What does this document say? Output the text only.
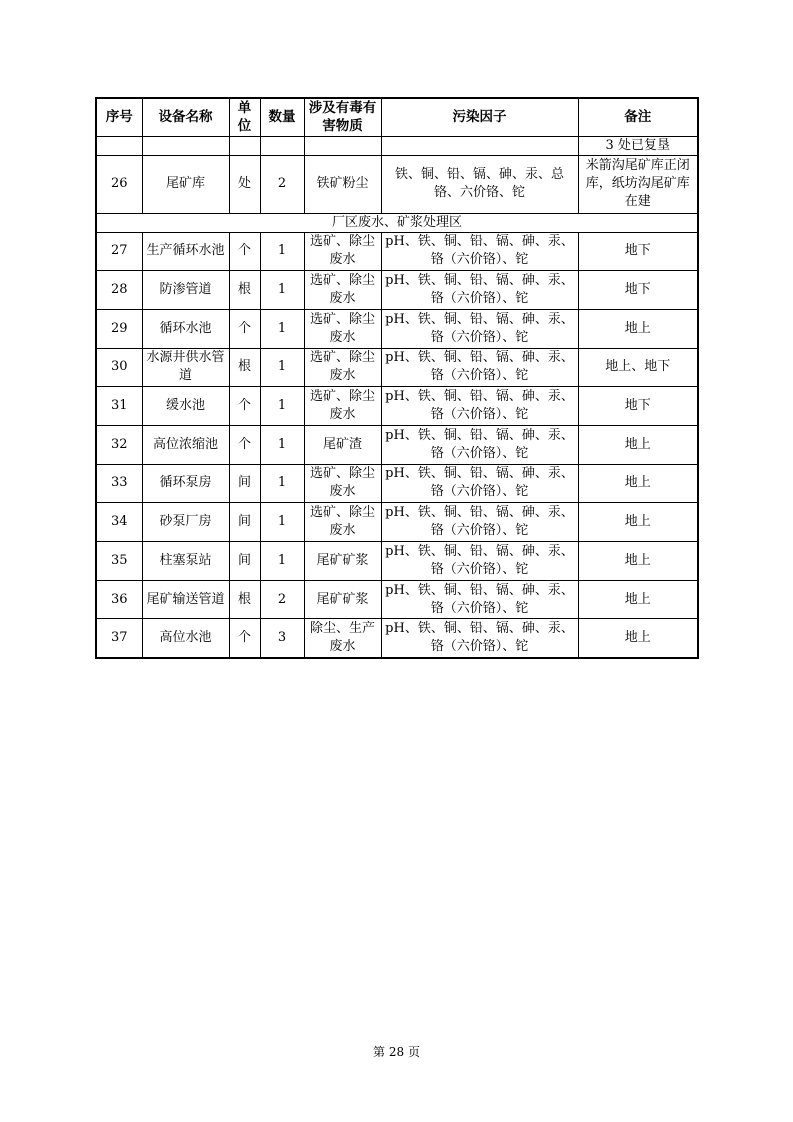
序号	设备名称	单位	数量	涉及有毒有害物质	污染因子	备注
						3 处已复垦
26	尾矿库	处	2	铁矿粉尘	铁、铜、铅、镉、砷、汞、总铬、六价铬、铊	米箭沟尾矿库正闭库，纸坊沟尾矿库在建
厂区废水、矿浆处理区						
27	生产循环水池	个	1	选矿、除尘废水	pH、铁、铜、铅、镉、砷、汞、铬（六价铬）、铊	地下
28	防渗管道	根	1	选矿、除尘废水	pH、铁、铜、铅、镉、砷、汞、铬（六价铬）、铊	地下
29	循环水池	个	1	选矿、除尘废水	pH、铁、铜、铅、镉、砷、汞、铬（六价铬）、铊	地上
30	水源井供水管道	根	1	选矿、除尘废水	pH、铁、铜、铅、镉、砷、汞、铬（六价铬）、铊	地上、地下
31	缓水池	个	1	选矿、除尘废水	pH、铁、铜、铅、镉、砷、汞、铬（六价铬）、铊	地下
32	高位浓缩池	个	1	尾矿渣	pH、铁、铜、铅、镉、砷、汞、铬（六价铬）、铊	地上
33	循环泵房	间	1	选矿、除尘废水	pH、铁、铜、铅、镉、砷、汞、铬（六价铬）、铊	地上
34	砂泵厂房	间	1	选矿、除尘废水	pH、铁、铜、铅、镉、砷、汞、铬（六价铬）、铊	地上
35	柱塞泵站	间	1	尾矿矿浆	pH、铁、铜、铅、镉、砷、汞、铬（六价铬）、铊	地上
36	尾矿输送管道	根	2	尾矿矿浆	pH、铁、铜、铅、镉、砷、汞、铬（六价铬）、铊	地上
37	高位水池	个	3	除尘、生产废水	pH、铁、铜、铅、镉、砷、汞、铬（六价铬）、铊	地上
第 28 页
